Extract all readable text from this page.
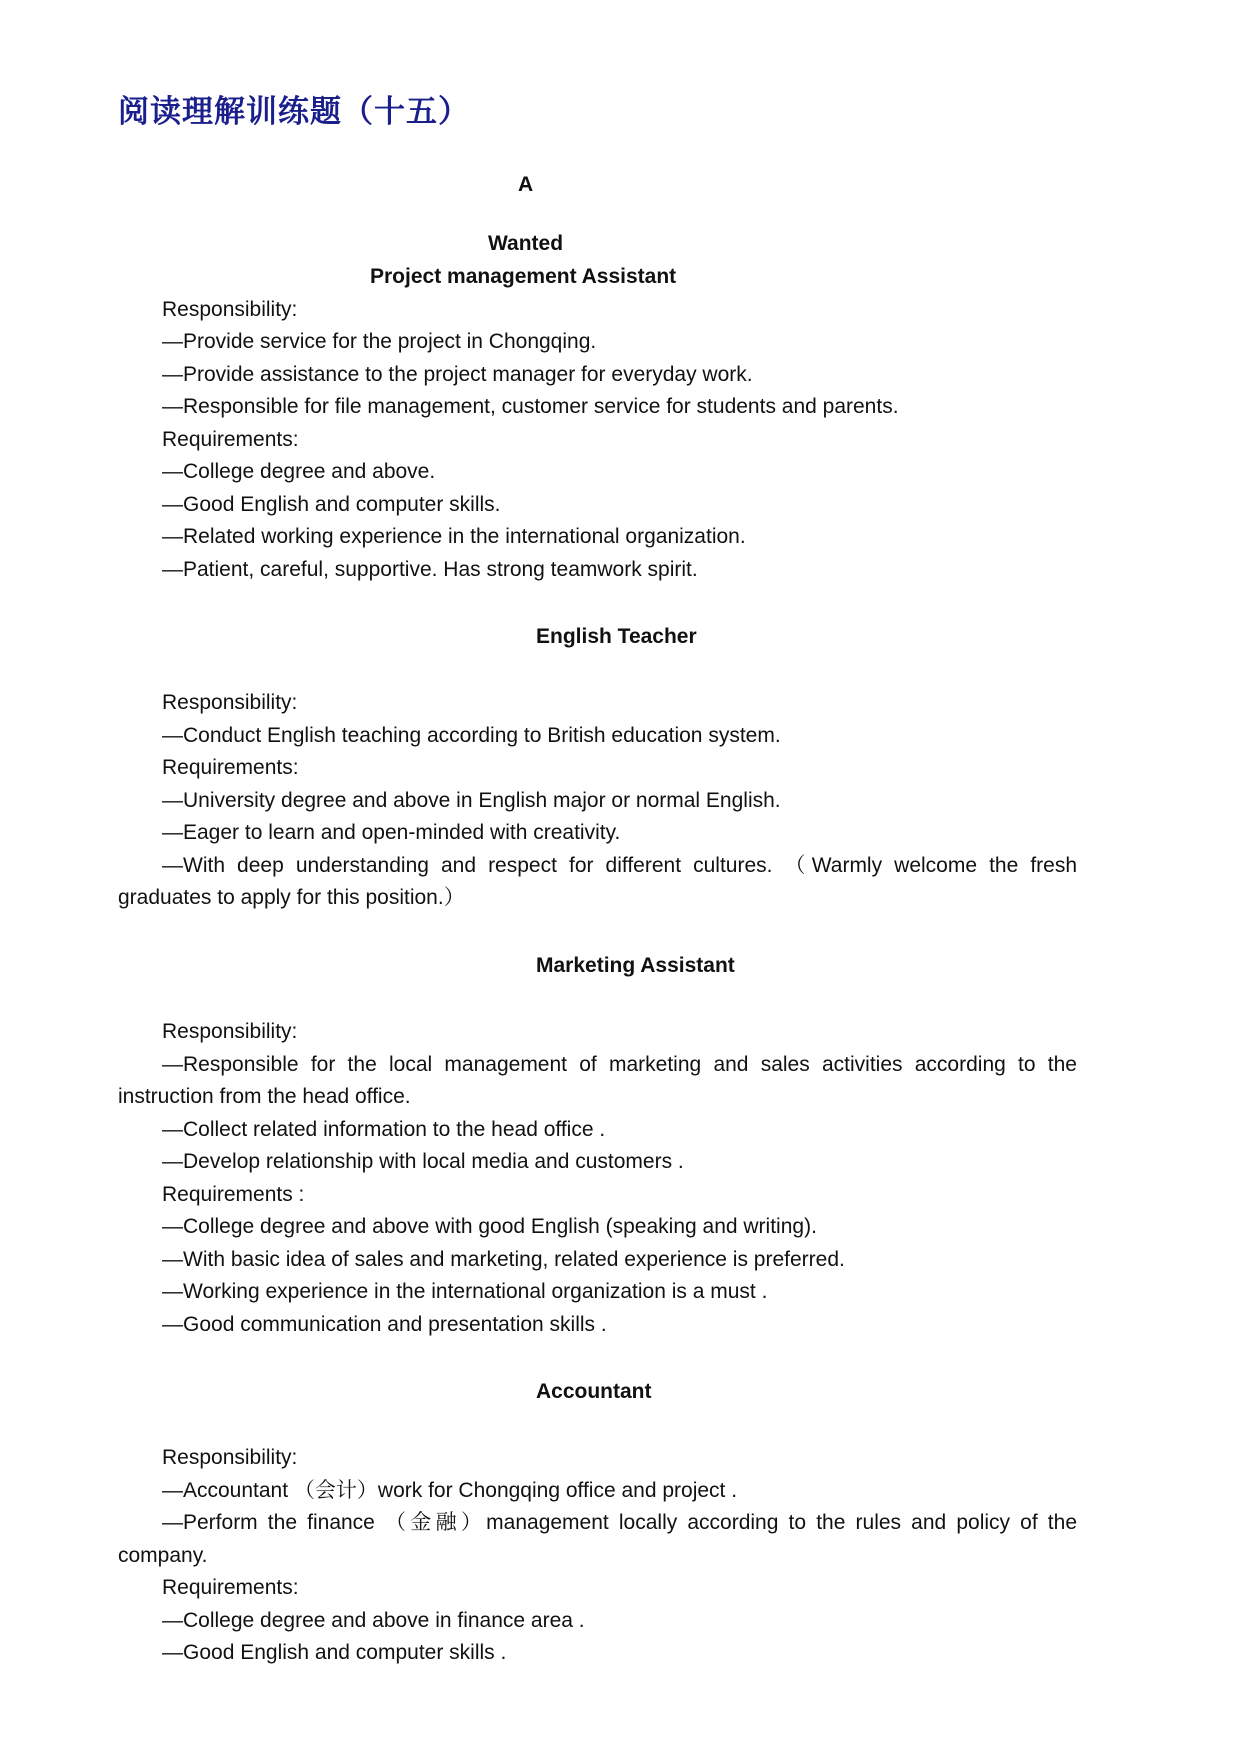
阅读理解训练题（十五）
A
Wanted
Project management Assistant
Responsibility:
—Provide service for the project in Chongqing.
—Provide assistance to the project manager for everyday work.
—Responsible for file management, customer service for students and parents.
Requirements:
—College degree and above.
—Good English and computer skills.
—Related working experience in the international organization.
—Patient, careful, supportive. Has strong teamwork spirit.
English Teacher
Responsibility:
—Conduct English teaching according to British education system.
Requirements:
—University degree and above in English major or normal English.
—Eager to learn and open-minded with creativity.
—With deep understanding and respect for different cultures. （Warmly welcome the fresh
graduates to apply for this position.）
Marketing Assistant
Responsibility:
—Responsible for the local management of marketing and sales activities according to the
instruction from the head office.
—Collect related information to the head office .
—Develop relationship with local media and customers .
Requirements :
—College degree and above with good English (speaking and writing).
—With basic idea of sales and marketing, related experience is preferred.
—Working experience in the international organization is a must .
—Good communication and presentation skills .
Accountant
Responsibility:
—Accountant （会计）work for Chongqing office and project .
—Perform the finance （金融）management locally according to the rules and policy of the
company.
Requirements:
—College degree and above in finance area .
—Good English and computer skills .
